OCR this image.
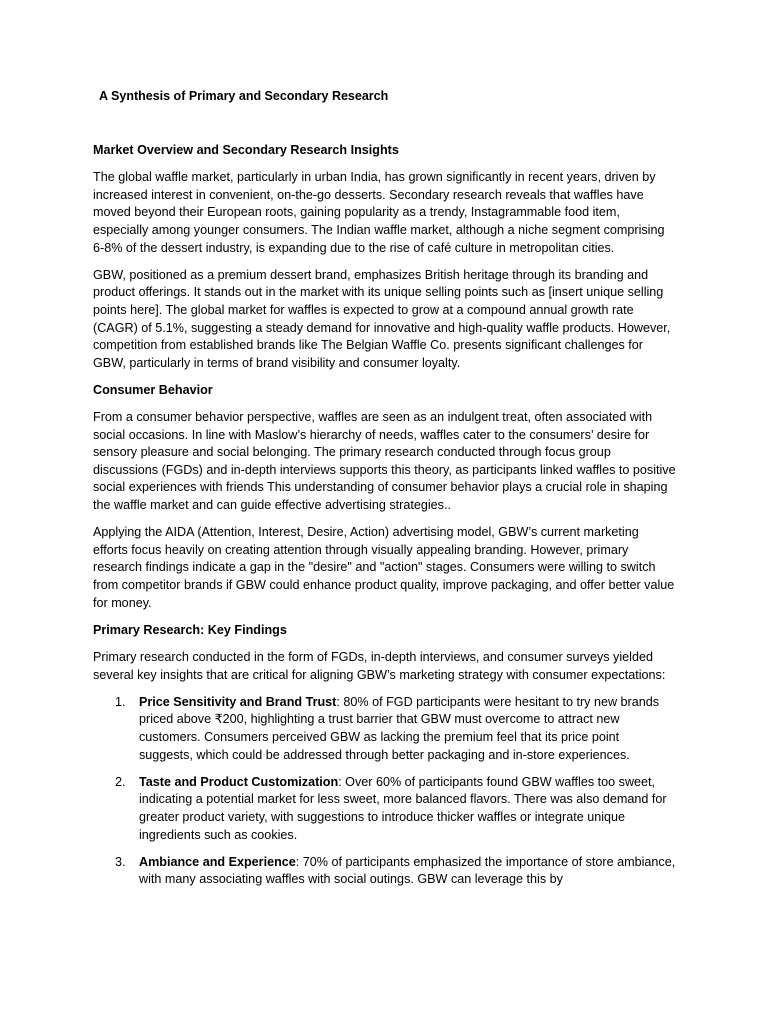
A Synthesis of Primary and Secondary Research

Market Overview and Secondary Research Insights

The global waffle market, particularly in urban India, has grown significantly in recent years, driven by increased interest in convenient, on-the-go desserts. Secondary research reveals that waffles have moved beyond their European roots, gaining popularity as a trendy, Instagrammable food item, especially among younger consumers. The Indian waffle market, although a niche segment comprising 6-8% of the dessert industry, is expanding due to the rise of café culture in metropolitan cities.

GBW, positioned as a premium dessert brand, emphasizes British heritage through its branding and product offerings. It stands out in the market with its unique selling points such as [insert unique selling points here]. The global market for waffles is expected to grow at a compound annual growth rate (CAGR) of 5.1%, suggesting a steady demand for innovative and high-quality waffle products. However, competition from established brands like The Belgian Waffle Co. presents significant challenges for GBW, particularly in terms of brand visibility and consumer loyalty.

Consumer Behavior

From a consumer behavior perspective, waffles are seen as an indulgent treat, often associated with social occasions. In line with Maslow’s hierarchy of needs, waffles cater to the consumers’ desire for sensory pleasure and social belonging. The primary research conducted through focus group discussions (FGDs) and in-depth interviews supports this theory, as participants linked waffles to positive social experiences with friends This understanding of consumer behavior plays a crucial role in shaping the waffle market and can guide effective advertising strategies..

Applying the AIDA (Attention, Interest, Desire, Action) advertising model, GBW’s current marketing efforts focus heavily on creating attention through visually appealing branding. However, primary research findings indicate a gap in the "desire" and "action" stages. Consumers were willing to switch from competitor brands if GBW could enhance product quality, improve packaging, and offer better value for money.

Primary Research: Key Findings

Primary research conducted in the form of FGDs, in-depth interviews, and consumer surveys yielded several key insights that are critical for aligning GBW’s marketing strategy with consumer expectations:

1. Price Sensitivity and Brand Trust: 80% of FGD participants were hesitant to try new brands priced above ₹200, highlighting a trust barrier that GBW must overcome to attract new customers. Consumers perceived GBW as lacking the premium feel that its price point suggests, which could be addressed through better packaging and in-store experiences.
2. Taste and Product Customization: Over 60% of participants found GBW waffles too sweet, indicating a potential market for less sweet, more balanced flavors. There was also demand for greater product variety, with suggestions to introduce thicker waffles or integrate unique ingredients such as cookies.
3. Ambiance and Experience: 70% of participants emphasized the importance of store ambiance, with many associating waffles with social outings. GBW can leverage this by
